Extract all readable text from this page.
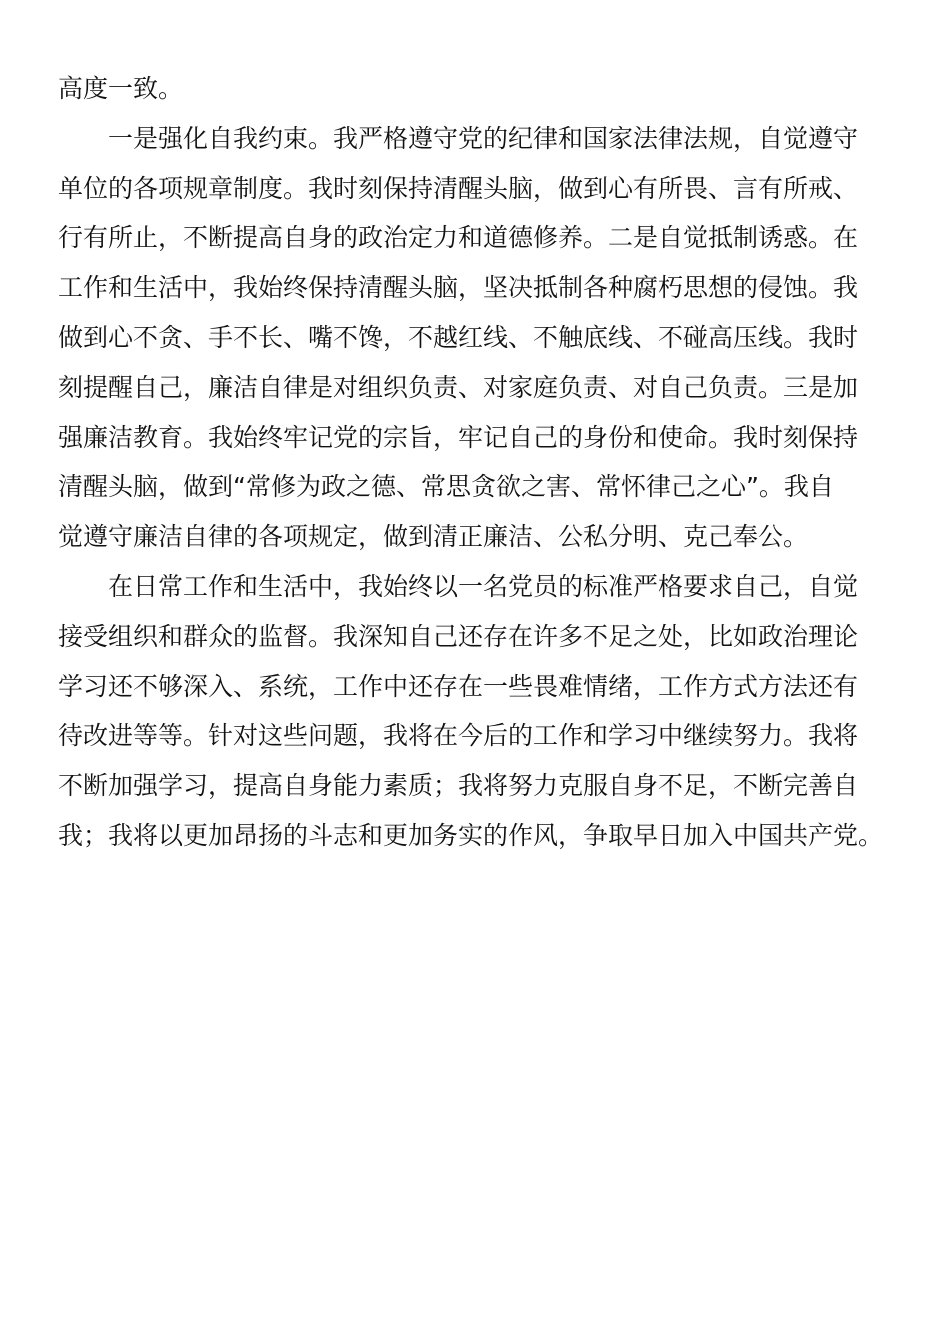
高度一致。
一是强化自我约束。我严格遵守党的纪律和国家法律法规，自觉遵守
单位的各项规章制度。我时刻保持清醒头脑，做到心有所畏、言有所戒、
行有所止，不断提高自身的政治定力和道德修养。二是自觉抵制诱惑。在
工作和生活中，我始终保持清醒头脑，坚决抵制各种腐朽思想的侵蚀。我
做到心不贪、手不长、嘴不馋，不越红线、不触底线、不碰高压线。我时
刻提醒自己，廉洁自律是对组织负责、对家庭负责、对自己负责。三是加
强廉洁教育。我始终牢记党的宗旨，牢记自己的身份和使命。我时刻保持
清醒头脑，做到“常修为政之德、常思贪欲之害、常怀律己之心”。我自
觉遵守廉洁自律的各项规定，做到清正廉洁、公私分明、克己奉公。
在日常工作和生活中，我始终以一名党员的标准严格要求自己，自觉
接受组织和群众的监督。我深知自己还存在许多不足之处，比如政治理论
学习还不够深入、系统，工作中还存在一些畏难情绪，工作方式方法还有
待改进等等。针对这些问题，我将在今后的工作和学习中继续努力。我将
不断加强学习，提高自身能力素质；我将努力克服自身不足，不断完善自
我；我将以更加昂扬的斗志和更加务实的作风，争取早日加入中国共产党。
